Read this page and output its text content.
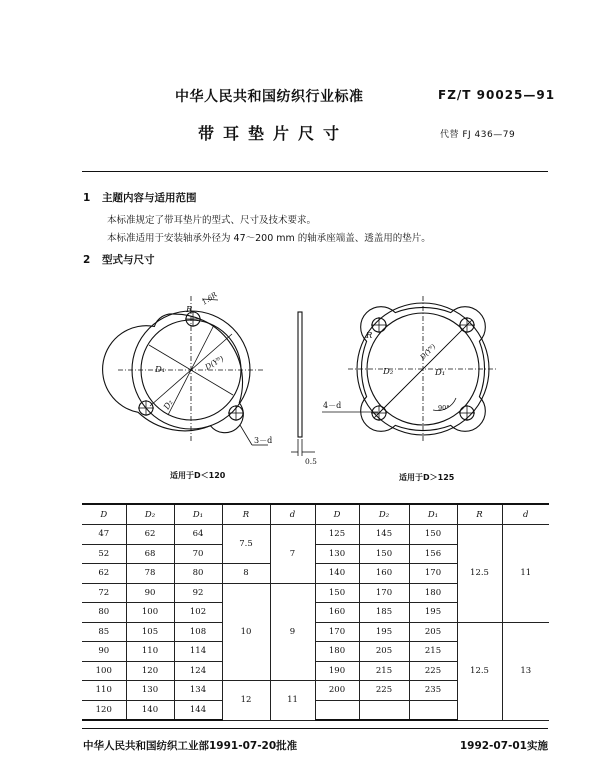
中华人民共和国纺织行业标准	FZ/T 90025—91
带耳垫片尺寸	代替 FJ 436—79
1 主题内容与适用范围
本标准规定了带耳垫片的型式、尺寸及技术要求。
本标准适用于安装轴承外径为 47～200 mm 的轴承座端盖、透盖用的垫片。
2 型式与尺寸
R
1.6R
D₁	D(Y⁹)
D₂
3－d
0.5
R
D(Y⁹)
D₂	D₁
4－d	90°
适用于D＜120	适用于D＞125
D	D₂	D₁	R	d	D	D₂	D₁	R	d
47	62	64	7.5	7	125	145	150	12.5	11
52	68	70			130	150	156		
62	78	80	8		140	160	170		
72	90	92	10	9	150	170	180		
80	100	102			160	185	195		
85	105	108			170	195	205	12.5	13
90	110	114			180	205	215		
100	120	124			190	215	225		
110	130	134	12	11	200	225	235		
120	140	144							
中华人民共和国纺织工业部1991-07-20批准	1992-07-01实施
